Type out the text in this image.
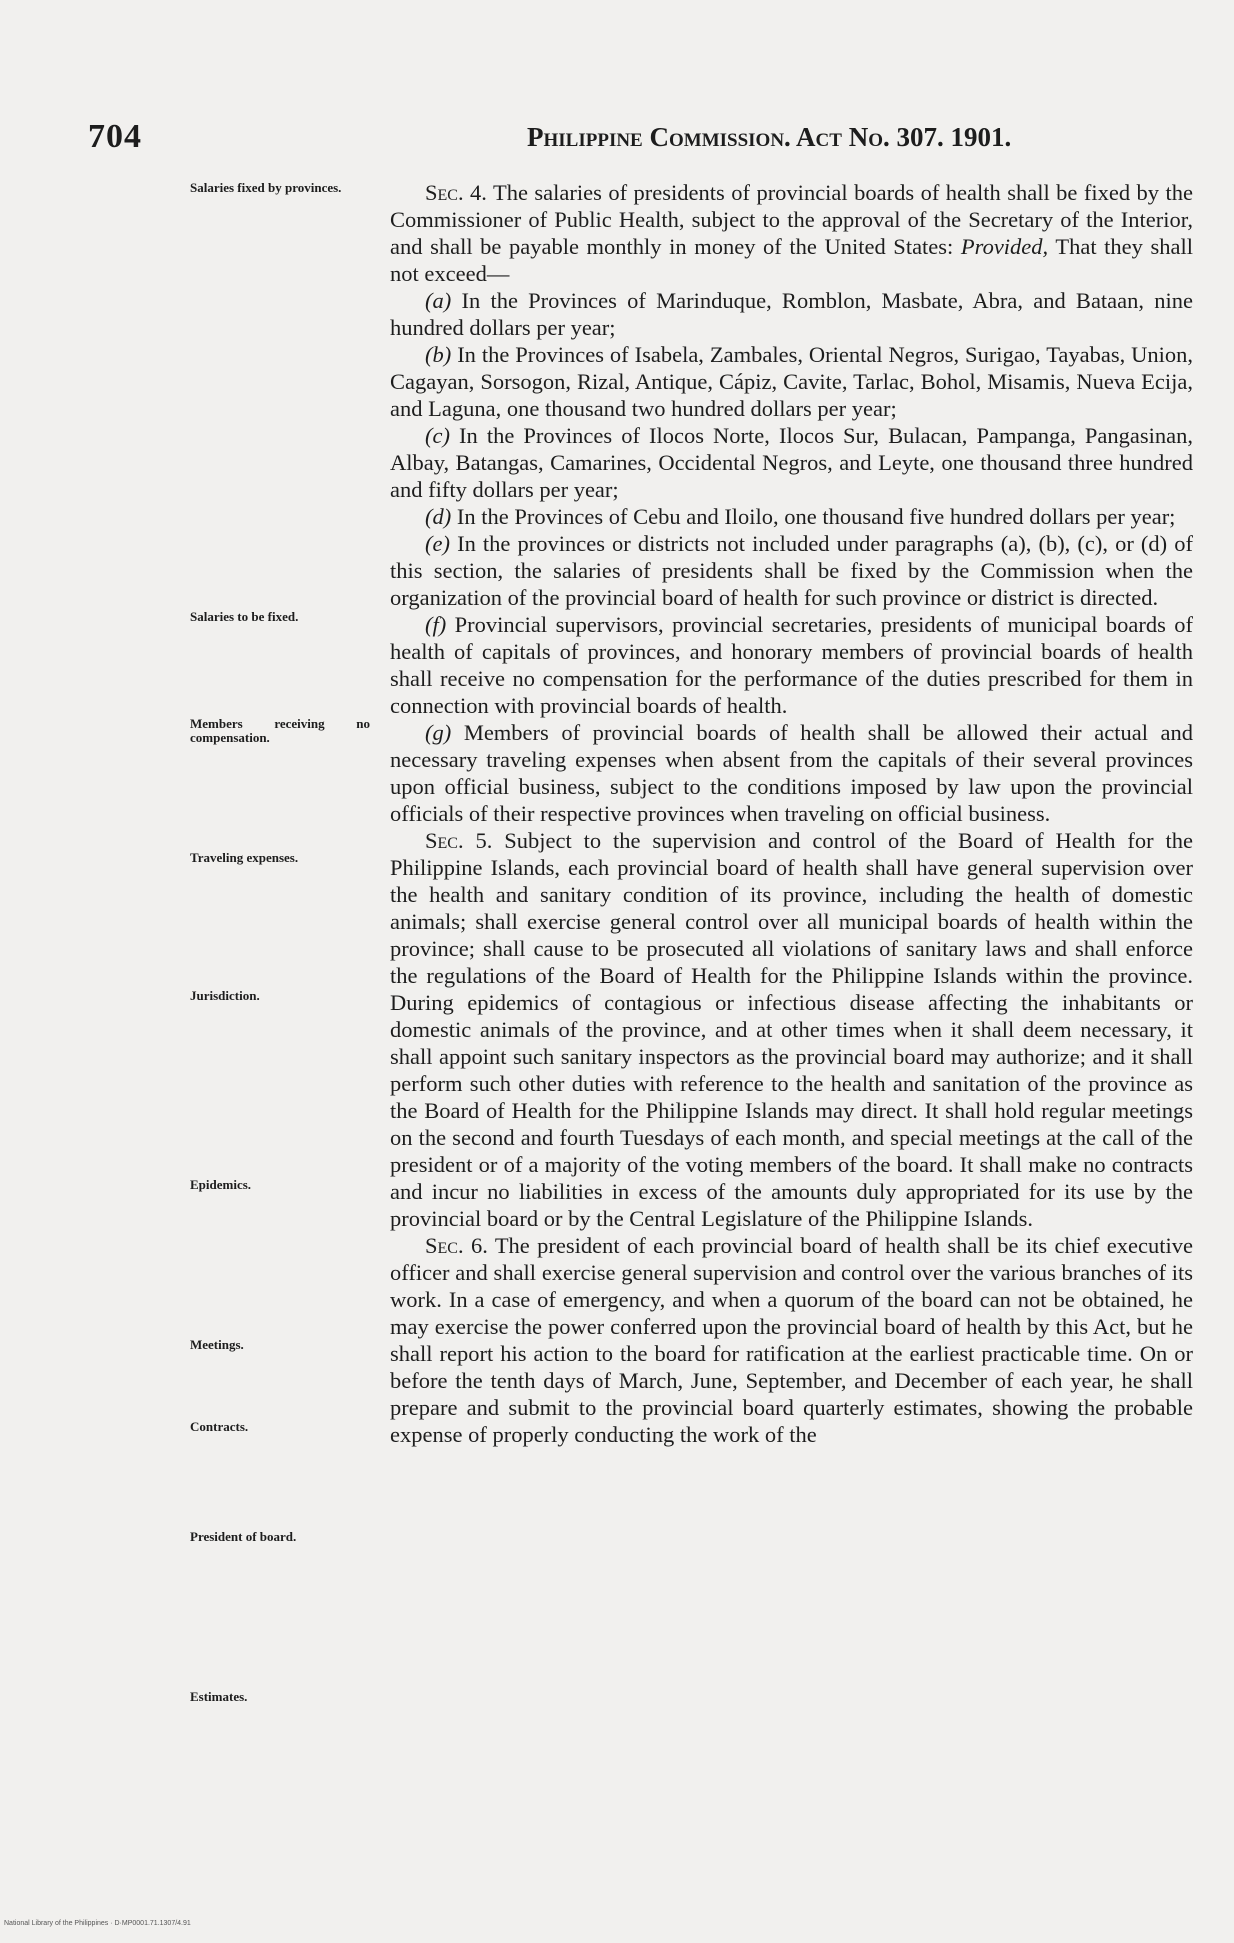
704	Philippine Commission. Act No. 307. 1901.
Salaries fixed by provinces.
Salaries to be fixed.
Members receiving no compensation.
Traveling expenses.
Jurisdiction.
Epidemics.
Meetings.
Contracts.
President of board.
Estimates.

Sec. 4. The salaries of presidents of provincial boards of health shall be fixed by the Commissioner of Public Health, subject to the approval of the Secretary of the Interior, and shall be payable monthly in money of the United States: Provided, That they shall not exceed—

(a) In the Provinces of Marinduque, Romblon, Masbate, Abra, and Bataan, nine hundred dollars per year;

(b) In the Provinces of Isabela, Zambales, Oriental Negros, Surigao, Tayabas, Union, Cagayan, Sorsogon, Rizal, Antique, Cápiz, Cavite, Tarlac, Bohol, Misamis, Nueva Ecija, and Laguna, one thousand two hundred dollars per year;

(c) In the Provinces of Ilocos Norte, Ilocos Sur, Bulacan, Pampanga, Pangasinan, Albay, Batangas, Camarines, Occidental Negros, and Leyte, one thousand three hundred and fifty dollars per year;

(d) In the Provinces of Cebu and Iloilo, one thousand five hundred dollars per year;

(e) In the provinces or districts not included under paragraphs (a), (b), (c), or (d) of this section, the salaries of presidents shall be fixed by the Commission when the organization of the provincial board of health for such province or district is directed.

(f) Provincial supervisors, provincial secretaries, presidents of municipal boards of health of capitals of provinces, and honorary members of provincial boards of health shall receive no compensation for the performance of the duties prescribed for them in connection with provincial boards of health.

(g) Members of provincial boards of health shall be allowed their actual and necessary traveling expenses when absent from the capitals of their several provinces upon official business, subject to the conditions imposed by law upon the provincial officials of their respective provinces when traveling on official business.

Sec. 5. Subject to the supervision and control of the Board of Health for the Philippine Islands, each provincial board of health shall have general supervision over the health and sanitary condition of its province, including the health of domestic animals; shall exercise general control over all municipal boards of health within the province; shall cause to be prosecuted all violations of sanitary laws and shall enforce the regulations of the Board of Health for the Philippine Islands within the province. During epidemics of contagious or infectious disease affecting the inhabitants or domestic animals of the province, and at other times when it shall deem necessary, it shall appoint such sanitary inspectors as the provincial board may authorize; and it shall perform such other duties with reference to the health and sanitation of the province as the Board of Health for the Philippine Islands may direct. It shall hold regular meetings on the second and fourth Tuesdays of each month, and special meetings at the call of the president or of a majority of the voting members of the board. It shall make no contracts and incur no liabilities in excess of the amounts duly appropriated for its use by the provincial board or by the Central Legislature of the Philippine Islands.

Sec. 6. The president of each provincial board of health shall be its chief executive officer and shall exercise general supervision and control over the various branches of its work. In a case of emergency, and when a quorum of the board can not be obtained, he may exercise the power conferred upon the provincial board of health by this Act, but he shall report his action to the board for ratification at the earliest practicable time. On or before the tenth days of March, June, September, and December of each year, he shall prepare and submit to the provincial board quarterly estimates, showing the probable expense of properly conducting the work of the

National Library of the Philippines · D·MP0001.71.1307/4.91
